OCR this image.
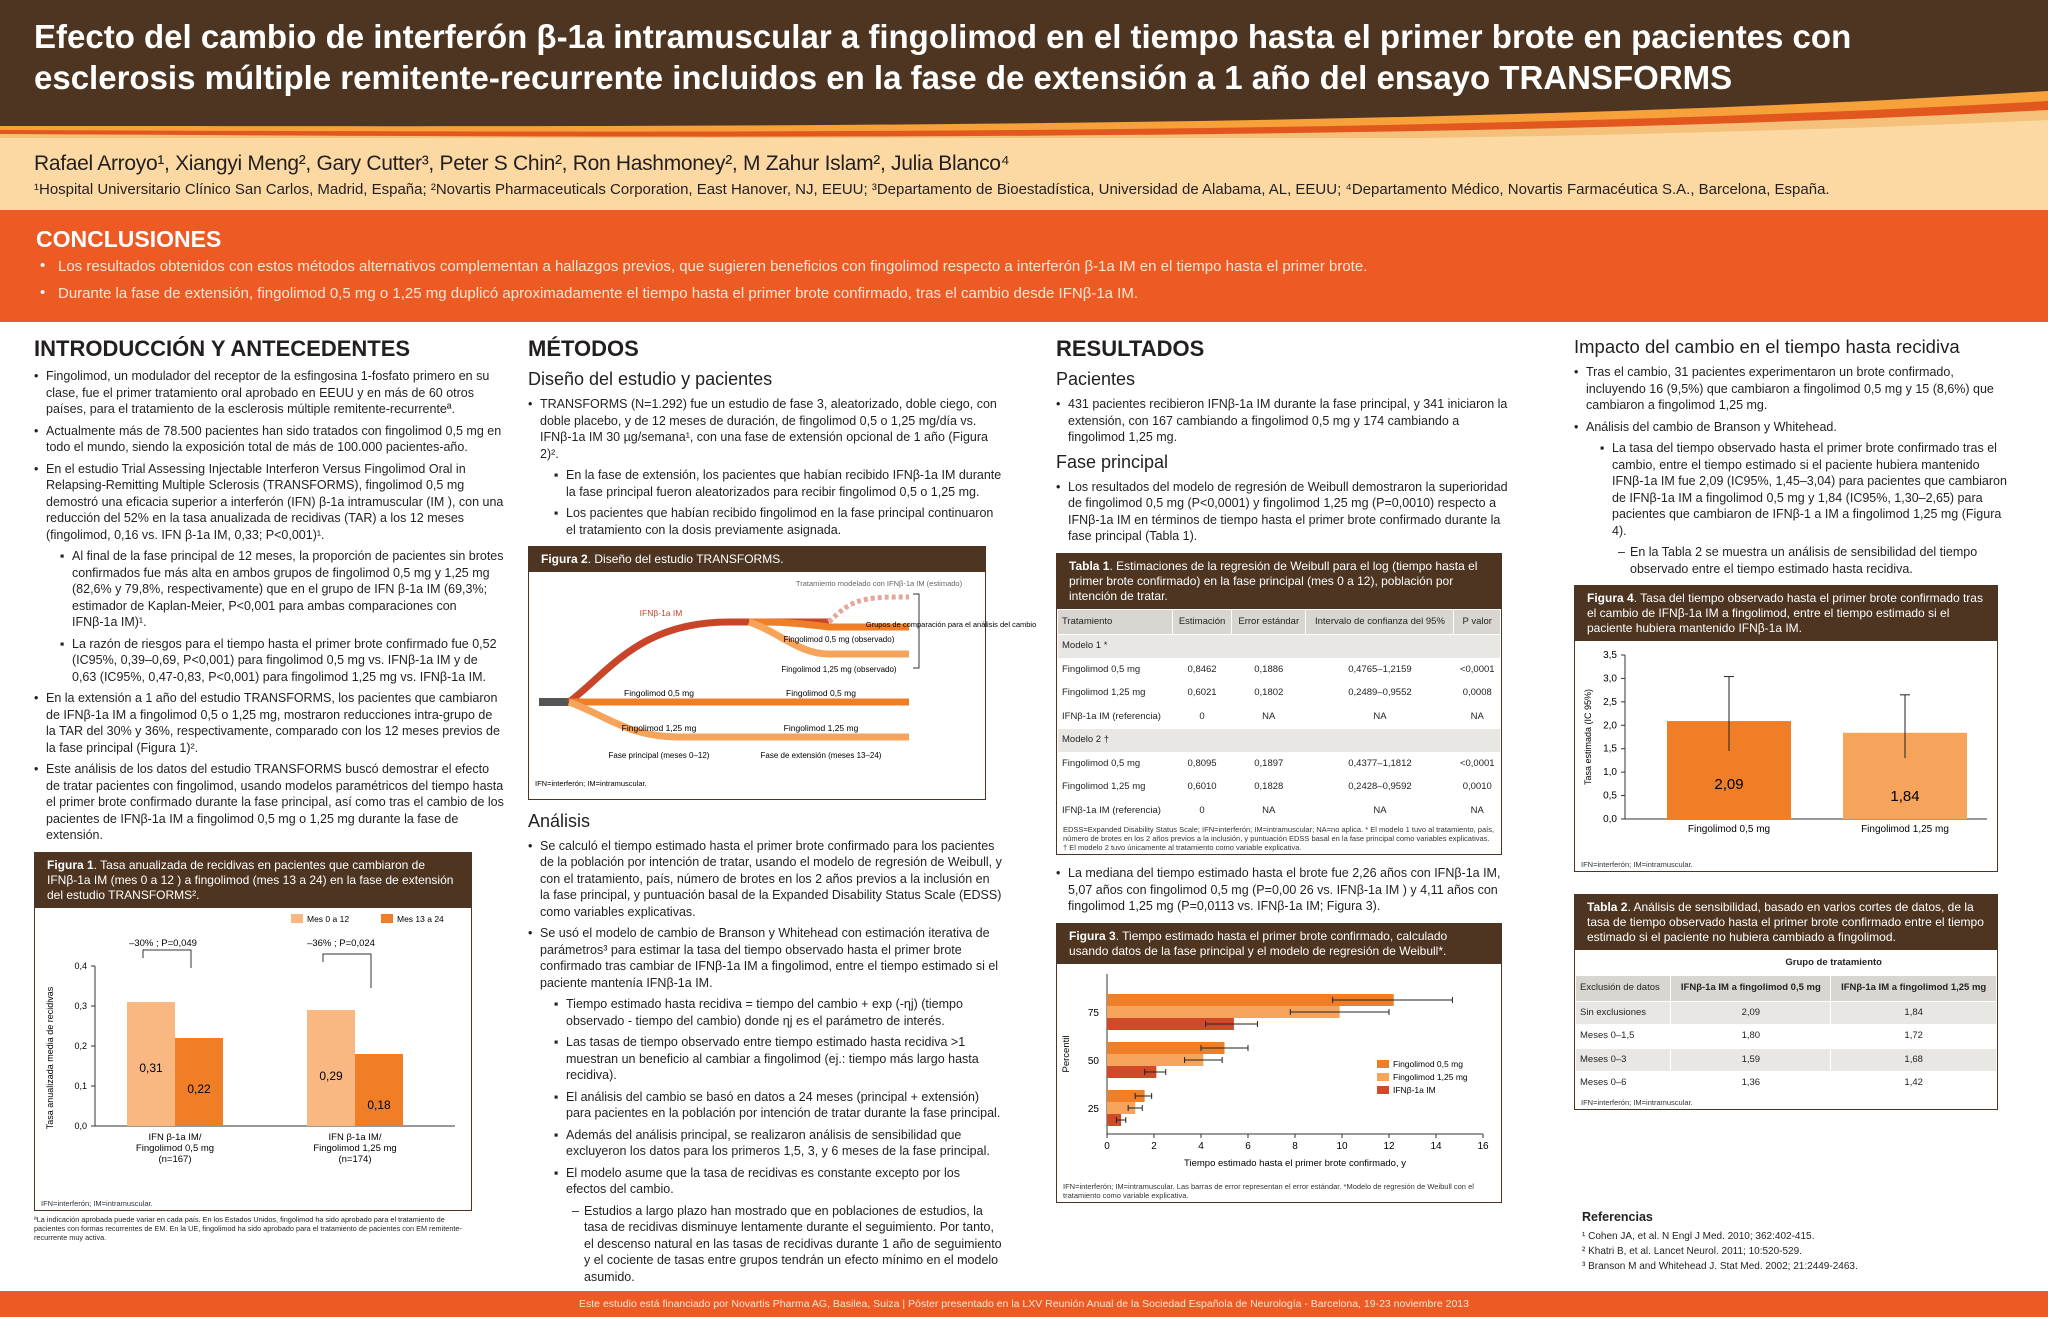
Efecto del cambio de interferón β-1a intramuscular a fingolimod en el tiempo hasta el primer brote en pacientes con esclerosis múltiple remitente-recurrente incluidos en la fase de extensión a 1 año del ensayo TRANSFORMS
Rafael Arroyo¹, Xiangyi Meng², Gary Cutter³, Peter S Chin², Ron Hashmoney², M Zahur Islam², Julia Blanco⁴
¹Hospital Universitario Clínico San Carlos, Madrid, España; ²Novartis Pharmaceuticals Corporation, East Hanover, NJ, EEUU; ³Departamento de Bioestadística, Universidad de Alabama, AL, EEUU; ⁴Departamento Médico, Novartis Farmacéutica S.A., Barcelona, España.
CONCLUSIONES
• Los resultados obtenidos con estos métodos alternativos complementan a hallazgos previos, que sugieren beneficios con fingolimod respecto a interferón β-1a IM en el tiempo hasta el primer brote.
• Durante la fase de extensión, fingolimod 0,5 mg o 1,25 mg duplicó aproximadamente el tiempo hasta el primer brote confirmado, tras el cambio desde IFNβ-1a IM.
INTRODUCCIÓN Y ANTECEDENTES
• Fingolimod, un modulador del receptor de la esfingosina 1-fosfato primero en su clase, fue el primer tratamiento oral aprobado en EEUU y en más de 60 otros países, para el tratamiento de la esclerosis múltiple remitente-recurrenteª.
• Actualmente más de 78.500 pacientes han sido tratados con fingolimod 0,5 mg en todo el mundo, siendo la exposición total de más de 100.000 pacientes-año.
• En el estudio Trial Assessing Injectable Interferon Versus Fingolimod Oral in Relapsing-Remitting Multiple Sclerosis (TRANSFORMS), fingolimod 0,5 mg demostró una eficacia superior a interferón (IFN) β-1a intramuscular (IM ), con una reducción del 52% en la tasa anualizada de recidivas (TAR) a los 12 meses (fingolimod, 0,16 vs. IFN β-1a IM, 0,33; P<0,001)¹.
▪ Al final de la fase principal de 12 meses, la proporción de pacientes sin brotes confirmados fue más alta en ambos grupos de fingolimod 0,5 mg y 1,25 mg (82,6% y 79,8%, respectivamente) que en el grupo de IFN β-1a IM (69,3%; estimador de Kaplan-Meier, P<0,001 para ambas comparaciones con IFNβ-1a IM)¹.
▪ La razón de riesgos para el tiempo hasta el primer brote confirmado fue 0,52 (IC95%, 0,39–0,69, P<0,001) para fingolimod 0,5 mg vs. IFNβ-1a IM y de 0,63 (IC95%, 0,47-0,83, P<0,001) para fingolimod 1,25 mg vs. IFNβ-1a IM.
• En la extensión a 1 año del estudio TRANSFORMS, los pacientes que cambiaron de IFNβ-1a IM a fingolimod 0,5 o 1,25 mg, mostraron reducciones intra-grupo de la TAR del 30% y 36%, respectivamente, comparado con los 12 meses previos de la fase principal (Figura 1)².
• Este análisis de los datos del estudio TRANSFORMS buscó demostrar el efecto de tratar pacientes con fingolimod, usando modelos paramétricos del tiempo hasta el primer brote confirmado durante la fase principal, así como tras el cambio de los pacientes de IFNβ-1a IM a fingolimod 0,5 mg o 1,25 mg durante la fase de extensión.
Figura 1. Tasa anualizada de recidivas en pacientes que cambiaron de IFNβ-1a IM (mes 0 a 12 ) a fingolimod (mes 13 a 24) en la fase de extensión del estudio TRANSFORMS².
Mes 0 a 12	Mes 13 a 24
Tasa anualizada media de recidivas 0,0
0,1
0,2
0,3
0,4
0,31
0,22
0,29
0,18
–30% ; P=0,049	–36% ; P=0,024
IFN β-1a IM/
Fingolimod 0,5 mg
(n=167)
IFN β-1a IM/
Fingolimod 1,25 mg
(n=174)
IFN=interferón; IM=intramuscular.
ªLa indicación aprobada puede variar en cada país. En los Estados Unidos, fingolimod ha sido aprobado para el tratamiento de pacientes con formas recurrentes de EM. En la UE, fingolimod ha sido aprobado para el tratamiento de pacientes con EM remitente-recurrente muy activa.
MÉTODOS
Diseño del estudio y pacientes
• TRANSFORMS (N=1.292) fue un estudio de fase 3, aleatorizado, doble ciego, con doble placebo, y de 12 meses de duración, de fingolimod 0,5 o 1,25 mg/día vs. IFNβ-1a IM 30 µg/semana¹, con una fase de extensión opcional de 1 año (Figura 2)².
▪ En la fase de extensión, los pacientes que habían recibido IFNβ-1a IM durante la fase principal fueron aleatorizados para recibir fingolimod 0,5 o 1,25 mg.
▪ Los pacientes que habían recibido fingolimod en la fase principal continuaron el tratamiento con la dosis previamente asignada.
Figura 2. Diseño del estudio TRANSFORMS.
Tratamiento modelado con IFNβ-1a IM (estimado)
IFNβ-1a IM
Fingolimod 0,5 mg (observado)
Fingolimod 1,25 mg (observado)
Grupos de comparación para el análisis del cambio
Fingolimod 0,5 mg	Fingolimod 0,5 mg
Fingolimod 1,25 mg	Fingolimod 1,25 mg
Fase principal (meses 0–12)	Fase de extensión (meses 13–24)
IFN=interferón; IM=intramuscular.
Análisis
• Se calculó el tiempo estimado hasta el primer brote confirmado para los pacientes de la población por intención de tratar, usando el modelo de regresión de Weibull, y con el tratamiento, país, número de brotes en los 2 años previos a la inclusión en la fase principal, y puntuación basal de la Expanded Disability Status Scale (EDSS) como variables explicativas.
• Se usó el modelo de cambio de Branson y Whitehead con estimación iterativa de parámetros³ para estimar la tasa del tiempo observado hasta el primer brote confirmado tras cambiar de IFNβ-1a IM a fingolimod, entre el tiempo estimado si el paciente mantenía IFNβ-1a IM.
▪ Tiempo estimado hasta recidiva = tiempo del cambio + exp (-ηj) (tiempo observado - tiempo del cambio) donde ηj es el parámetro de interés.
▪ Las tasas de tiempo observado entre tiempo estimado hasta recidiva >1 muestran un beneficio al cambiar a fingolimod (ej.: tiempo más largo hasta recidiva).
▪ El análisis del cambio se basó en datos a 24 meses (principal + extensión) para pacientes en la población por intención de tratar durante la fase principal.
▪ Además del análisis principal, se realizaron análisis de sensibilidad que excluyeron los datos para los primeros 1,5, 3, y 6 meses de la fase principal.
▪ El modelo asume que la tasa de recidivas es constante excepto por los efectos del cambio.
– Estudios a largo plazo han mostrado que en poblaciones de estudios, la tasa de recidivas disminuye lentamente durante el seguimiento. Por tanto, el descenso natural en las tasas de recidivas durante 1 año de seguimiento y el cociente de tasas entre grupos tendrán un efecto mínimo en el modelo asumido.
RESULTADOS
Pacientes
• 431 pacientes recibieron IFNβ-1a IM durante la fase principal, y 341 iniciaron la extensión, con 167 cambiando a fingolimod 0,5 mg y 174 cambiando a fingolimod 1,25 mg.
Fase principal
• Los resultados del modelo de regresión de Weibull demostraron la superioridad de fingolimod 0,5 mg (P<0,0001) y fingolimod 1,25 mg (P=0,0010) respecto a IFNβ-1a IM en términos de tiempo hasta el primer brote confirmado durante la fase principal (Tabla 1).
Tabla 1. Estimaciones de la regresión de Weibull para el log (tiempo hasta el primer brote confirmado) en la fase principal (mes 0 a 12), población por intención de tratar.
Tratamiento	Estimación	Error estándar	Intervalo de confianza del 95%	P valor
Modelo 1 *				
Fingolimod 0,5 mg	0,8462	0,1886	0,4765–1,2159	<0,0001
Fingolimod 1,25 mg	0,6021	0,1802	0,2489–0,9552	0,0008
IFNβ-1a IM (referencia)	0	NA	NA	NA
Modelo 2 †				
Fingolimod 0,5 mg	0,8095	0,1897	0,4377–1,1812	<0,0001
Fingolimod 1,25 mg	0,6010	0,1828	0,2428–0,9592	0,0010
IFNβ-1a IM (referencia)	0	NA	NA	NA
EDSS=Expanded Disability Status Scale; IFN=interferón; IM=intramuscular; NA=no aplica. * El modelo 1 tuvo al tratamiento, país, número de brotes en los 2 años previos a la inclusión, y puntuación EDSS basal en la fase principal como variables explicativas. † El modelo 2 tuvo únicamente al tratamiento como variable explicativa.
• La mediana del tiempo estimado hasta el brote fue 2,26 años con IFNβ-1a IM, 5,07 años con fingolimod 0,5 mg (P=0,00 26 vs. IFNβ-1a IM ) y 4,11 años con fingolimod 1,25 mg (P=0,0113 vs. IFNβ-1a IM; Figura 3).
Figura 3. Tiempo estimado hasta el primer brote confirmado, calculado usando datos de la fase principal y el modelo de regresión de Weibull*.
0	2	4	6	8	10	12	14	16
Tiempo estimado hasta el primer brote confirmado, y
Percentil
75
50
25
Fingolimod 0,5 mg
Fingolimod 1,25 mg
IFNβ-1a IM
IFN=interferón; IM=intramuscular. Las barras de error representan el error estándar. *Modelo de regresión de Weibull con el tratamiento como variable explicativa.
Impacto del cambio en el tiempo hasta recidiva
• Tras el cambio, 31 pacientes experimentaron un brote confirmado, incluyendo 16 (9,5%) que cambiaron a fingolimod 0,5 mg y 15 (8,6%) que cambiaron a fingolimod 1,25 mg.
• Análisis del cambio de Branson y Whitehead.
▪ La tasa del tiempo observado hasta el primer brote confirmado tras el cambio, entre el tiempo estimado si el paciente hubiera mantenido IFNβ-1a IM fue 2,09 (IC95%, 1,45–3,04) para pacientes que cambiaron de IFNβ-1a IM a fingolimod 0,5 mg y 1,84 (IC95%, 1,30–2,65) para pacientes que cambiaron de IFNβ-1 a IM a fingolimod 1,25 mg (Figura 4).
– En la Tabla 2 se muestra un análisis de sensibilidad del tiempo observado entre el tiempo estimado hasta recidiva.
Figura 4. Tasa del tiempo observado hasta el primer brote confirmado tras el cambio de IFNβ-1a IM a fingolimod, entre el tiempo estimado si el paciente hubiera mantenido IFNβ-1a IM.
0,0
0,5
1,0
1,5
2,0
2,5
3,0
3,5
Tasa estimada (IC 95%)	2,09
Fingolimod 0,5 mg
1,84
Fingolimod 1,25 mg
IFN=interferón; IM=intramuscular.
Tabla 2. Análisis de sensibilidad, basado en varios cortes de datos, de la tasa de tiempo observado hasta el primer brote confirmado entre el tiempo estimado si el paciente no hubiera cambiado a fingolimod.
	Grupo de tratamiento	
Exclusión de datos	IFNβ-1a IM a fingolimod 0,5 mg	IFNβ-1a IM a fingolimod 1,25 mg
Sin exclusiones	2,09	1,84
Meses 0–1,5	1,80	1,72
Meses 0–3	1,59	1,68
Meses 0–6	1,36	1,42
IFN=interferón; IM=intramuscular.
Referencias
¹ Cohen JA, et al. N Engl J Med. 2010; 362:402-415.
² Khatri B, et al. Lancet Neurol. 2011; 10:520-529.
³ Branson M and Whitehead J. Stat Med. 2002; 21:2449-2463.
Este estudio está financiado por Novartis Pharma AG, Basilea, Suiza | Póster presentado en la LXV Reunión Anual de la Sociedad Española de Neurología - Barcelona, 19-23 noviembre 2013
